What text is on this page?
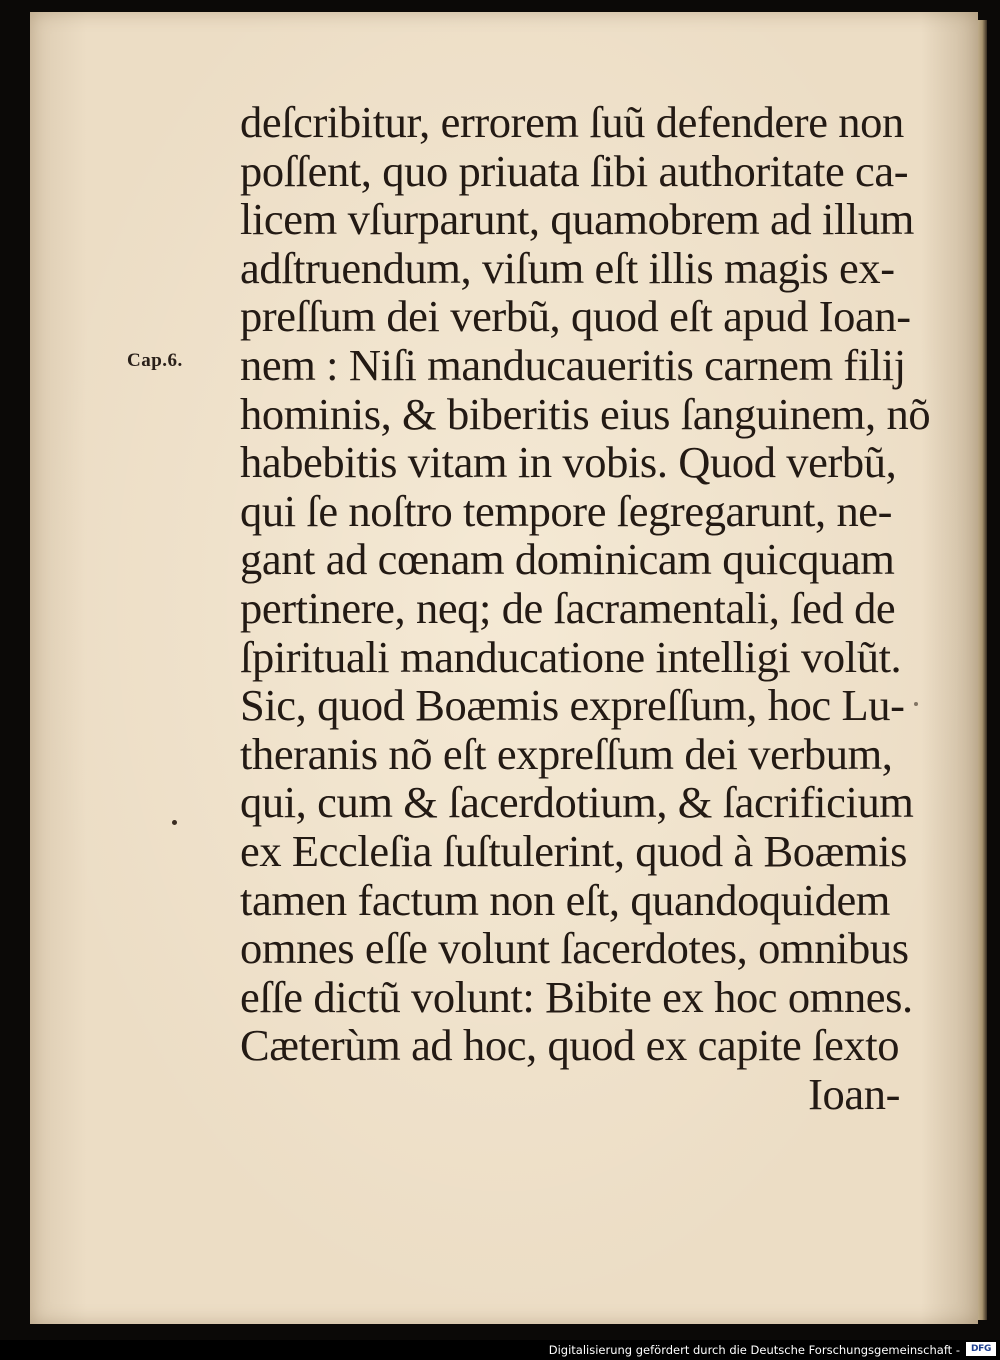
Cap.6.
deſcribitur, errorem ſuũ defendere non
poſſent, quo priuata ſibi authoritate ca-
licem vſurparunt, quamobrem ad illum
adſtruendum, viſum eſt illis magis ex-
preſſum dei verbũ, quod eſt apud Ioan-
nem : Niſi manducaueritis carnem filij
hominis, & biberitis eius ſanguinem, nõ
habebitis vitam in vobis. Quod verbũ,
qui ſe noſtro tempore ſegregarunt, ne-
gant ad cœnam dominicam quicquam
pertinere, neq; de ſacramentali, ſed de
ſpirituali manducatione intelligi volũt.
Sic, quod Boæmis expreſſum, hoc Lu-
theranis nõ eſt expreſſum dei verbum,
qui, cum & ſacerdotium, & ſacrificium
ex Eccleſia ſuſtulerint, quod à Boæmis
tamen factum non eſt, quandoquidem
omnes eſſe volunt ſacerdotes, omnibus
eſſe dictũ volunt: Bibite ex hoc omnes.
Cæterùm ad hoc, quod ex capite ſexto
Ioan-
Digitalisierung gefördert durch die Deutsche Forschungsgemeinschaft -	DFG
